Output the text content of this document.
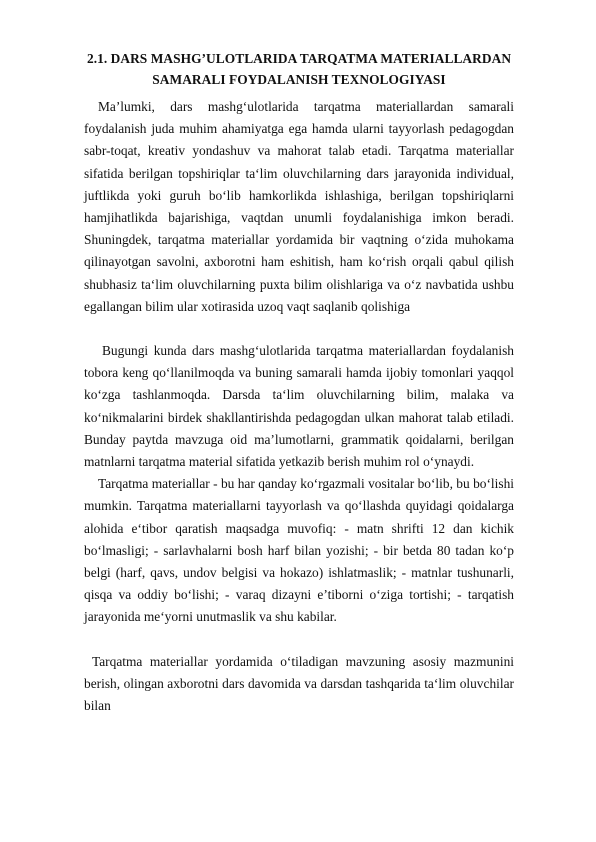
2.1. DARS MASHG’ULOTLARIDA TARQATMA MATERIALLARDAN
SAMARALI FOYDALANISH TEXNOLOGIYASI

Ma’lumki, dars mashg‘ulotlarida tarqatma materiallardan samarali foydalanish juda muhim ahamiyatga ega hamda ularni tayyorlash pedagogdan sabr-toqat, kreativ yondashuv va mahorat talab etadi. Tarqatma materiallar sifatida berilgan topshiriqlar ta‘lim oluvchilarning dars jarayonida individual, juftlikda yoki guruh bo‘lib hamkorlikda ishlashiga, berilgan topshiriqlarni hamjihatlikda bajarishiga, vaqtdan unumli foydalanishiga imkon beradi. Shuningdek, tarqatma materiallar yordamida bir vaqtning o‘zida muhokama qilinayotgan savolni, axborotni ham eshitish, ham ko‘rish orqali qabul qilish shubhasiz ta‘lim oluvchilarning puxta bilim olishlariga va o‘z navbatida ushbu egallangan bilim ular xotirasida uzoq vaqt saqlanib qolishiga

Bugungi kunda dars mashg‘ulotlarida tarqatma materiallardan foydalanish tobora keng qo‘llanilmoqda va buning samarali hamda ijobiy tomonlari yaqqol ko‘zga tashlanmoqda. Darsda ta‘lim oluvchilarning bilim, malaka va ko‘nikmalarini birdek shakllantirishda pedagogdan ulkan mahorat talab etiladi. Bunday paytda mavzuga oid ma’lumotlarni, grammatik qoidalarni, berilgan matnlarni tarqatma material sifatida yetkazib berish muhim rol o‘ynaydi.

Tarqatma materiallar - bu har qanday ko‘rgazmali vositalar bo‘lib, bu bo‘lishi mumkin. Tarqatma materiallarni tayyorlash va qo‘llashda quyidagi qoidalarga alohida e‘tibor qaratish maqsadga muvofiq: - matn shrifti 12 dan kichik bo‘lmasligi; - sarlavhalarni bosh harf bilan yozishi; - bir betda 80 tadan ko‘p belgi (harf, qavs, undov belgisi va hokazo) ishlatmaslik; - matnlar tushunarli, qisqa va oddiy bo‘lishi; - varaq dizayni e’tiborni o‘ziga tortishi; - tarqatish jarayonida me‘yorni unutmaslik va shu kabilar.

Tarqatma materiallar yordamida o‘tiladigan mavzuning asosiy mazmunini berish, olingan axborotni dars davomida va darsdan tashqarida ta‘lim oluvchilar bilan
